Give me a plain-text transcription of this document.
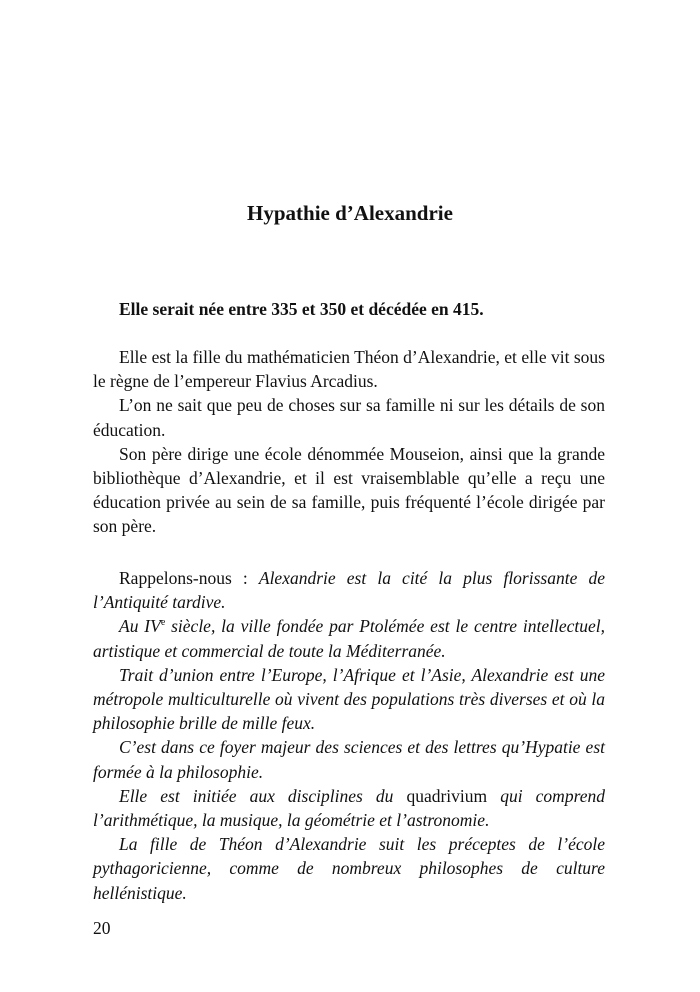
Hypathie d’Alexandrie

Elle serait née entre 335 et 350 et décédée en 415.

Elle est la fille du mathématicien Théon d’Alexandrie, et elle vit sous le règne de l’empereur Flavius Arcadius.

L’on ne sait que peu de choses sur sa famille ni sur les détails de son éducation.

Son père dirige une école dénommée Mouseion, ainsi que la grande bibliothèque d’Alexandrie, et il est vraisemblable qu’elle a reçu une éducation privée au sein de sa famille, puis fréquenté l’école dirigée par son père.

Rappelons-nous : Alexandrie est la cité la plus florissante de l’Antiquité tardive.

Au IVe siècle, la ville fondée par Ptolémée est le centre intellectuel, artistique et commercial de toute la Méditerranée.

Trait d’union entre l’Europe, l’Afrique et l’Asie, Alexandrie est une métropole multiculturelle où vivent des populations très diverses et où la philosophie brille de mille feux.

C’est dans ce foyer majeur des sciences et des lettres qu’Hypatie est formée à la philosophie.

Elle est initiée aux disciplines du quadrivium qui comprend l’arithmétique, la musique, la géométrie et l’astronomie.

La fille de Théon d’Alexandrie suit les préceptes de l’école pythagoricienne, comme de nombreux philosophes de culture hellénistique.

20
